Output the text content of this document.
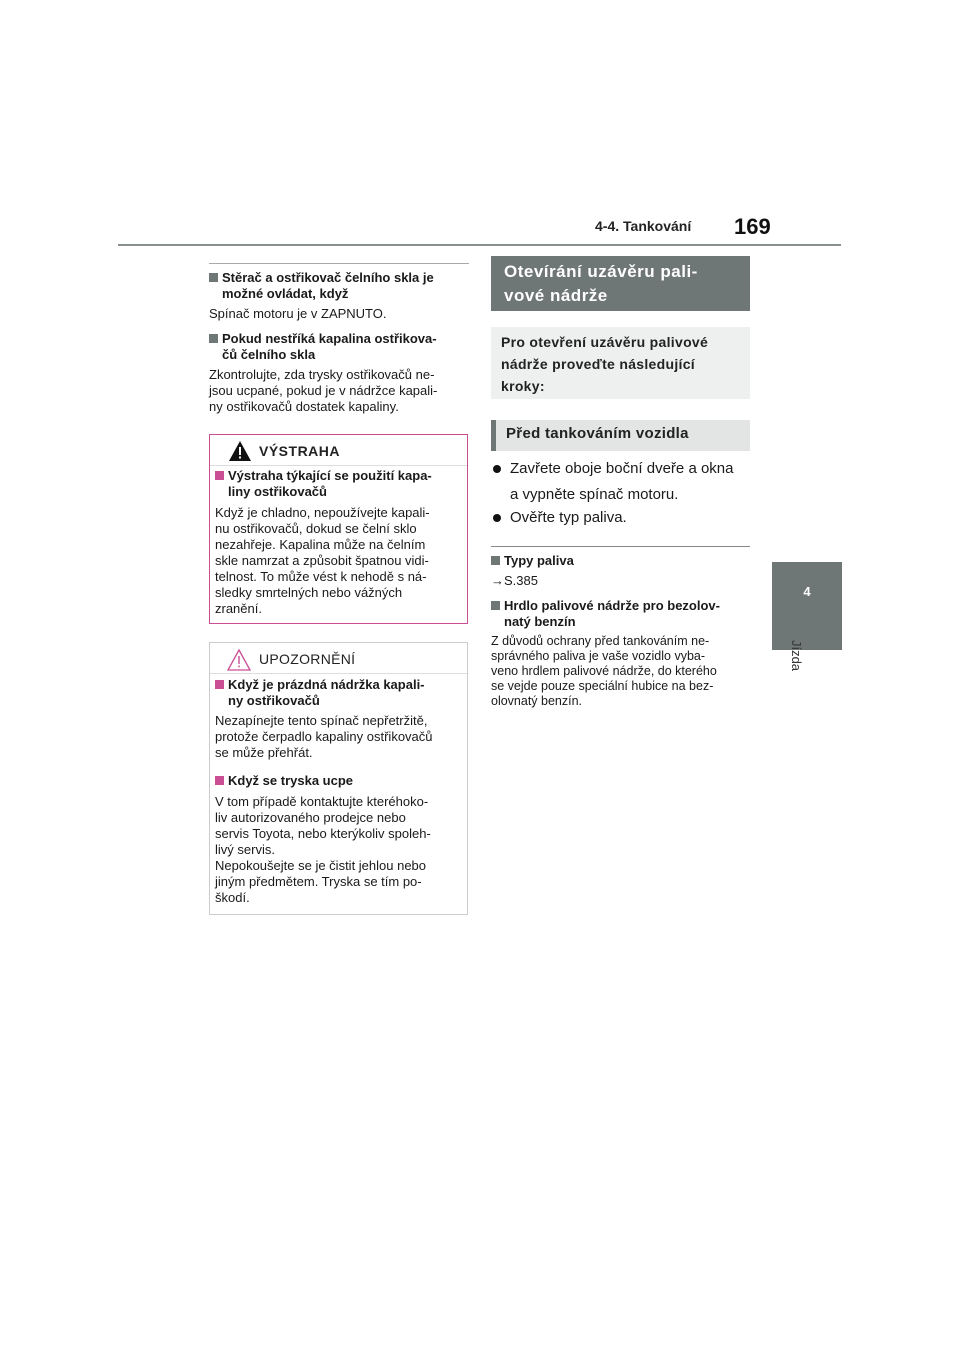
4-4. Tankování 169
4
Jízda
Stěrač a ostřikovač čelního skla je
možné ovládat, když
Spínač motoru je v ZAPNUTO.
Pokud nestříká kapalina ostřikova-
čů čelního skla
Zkontrolujte, zda trysky ostřikovačů ne-
jsou ucpané, pokud je v nádržce kapali-
ny ostřikovačů dostatek kapaliny.
VÝSTRAHA
Výstraha týkající se použití kapa-
liny ostřikovačů
Když je chladno, nepoužívejte kapali-
nu ostřikovačů, dokud se čelní sklo
nezahřeje. Kapalina může na čelním
skle namrzat a způsobit špatnou vidi-
telnost. To může vést k nehodě s ná-
sledky smrtelných nebo vážných
zranění.
UPOZORNĚNÍ
Když je prázdná nádržka kapali-
ny ostřikovačů
Nezapínejte tento spínač nepřetržitě,
protože čerpadlo kapaliny ostřikovačů
se může přehřát.
Když se tryska ucpe
V tom případě kontaktujte kteréhoko-
liv autorizovaného prodejce nebo
servis Toyota, nebo kterýkoliv spoleh-
livý servis.
Nepokoušejte se je čistit jehlou nebo
jiným předmětem. Tryska se tím po-
škodí.
Otevírání uzávěru pali-
vové nádrže
Pro otevření uzávěru palivové
nádrže proveďte následující
kroky:
Před tankováním vozidla
Zavřete oboje boční dveře a okna
a vypněte spínač motoru.
Ověřte typ paliva.
Typy paliva
→S.385
Hrdlo palivové nádrže pro bezolov-
natý benzín
Z důvodů ochrany před tankováním ne-
správného paliva je vaše vozidlo vyba-
veno hrdlem palivové nádrže, do kterého
se vejde pouze speciální hubice na bez-
olovnatý benzín.
